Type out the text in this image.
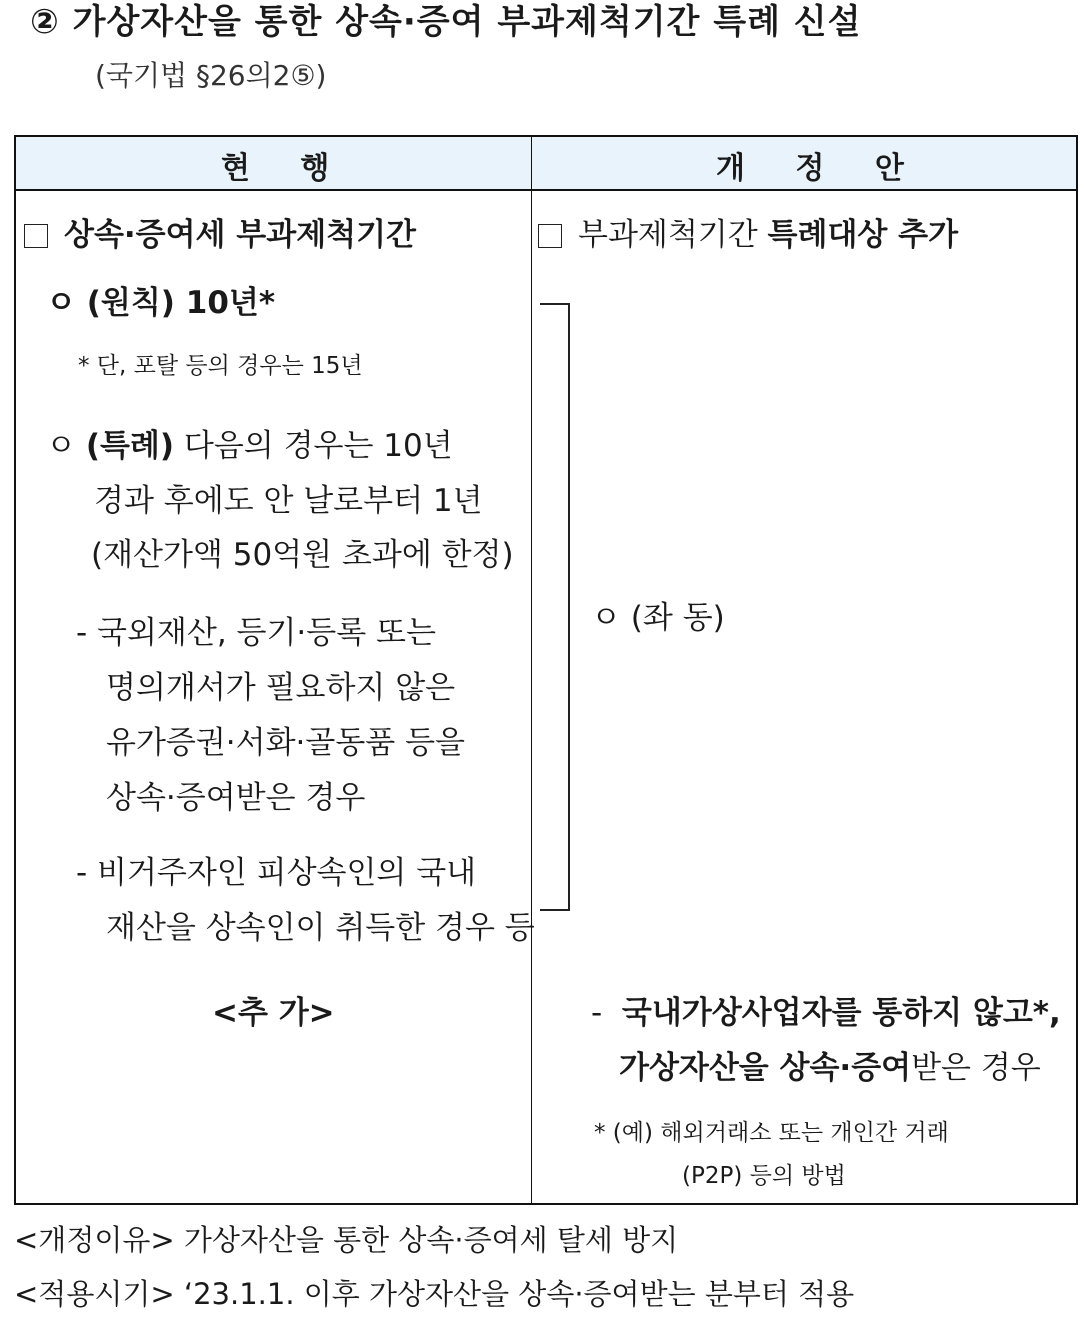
② 가상자산을 통한 상속·증여 부과제척기간 특례 신설
(국기법 §26의2⑤)
현 행	개 정 안
상속·증여세 부과제척기간
ㅇ (원칙) 10년*
* 단, 포탈 등의 경우는 15년
ㅇ (특례) 다음의 경우는 10년
경과 후에도 안 날로부터 1년
(재산가액 50억원 초과에 한정)
- 국외재산, 등기·등록 또는
명의개서가 필요하지 않은
유가증권·서화·골동품 등을
상속·증여받은 경우
- 비거주자인 피상속인의 국내
재산을 상속인이 취득한 경우 등
<추 가>
부과제척기간 특례대상 추가
ㅇ (좌 동)
- 국내가상사업자를 통하지 않고*,
가상자산을 상속·증여받은 경우
* (예) 해외거래소 또는 개인간 거래
(P2P) 등의 방법
<개정이유> 가상자산을 통한 상속·증여세 탈세 방지
<적용시기> ‘23.1.1. 이후 가상자산을 상속·증여받는 분부터 적용
